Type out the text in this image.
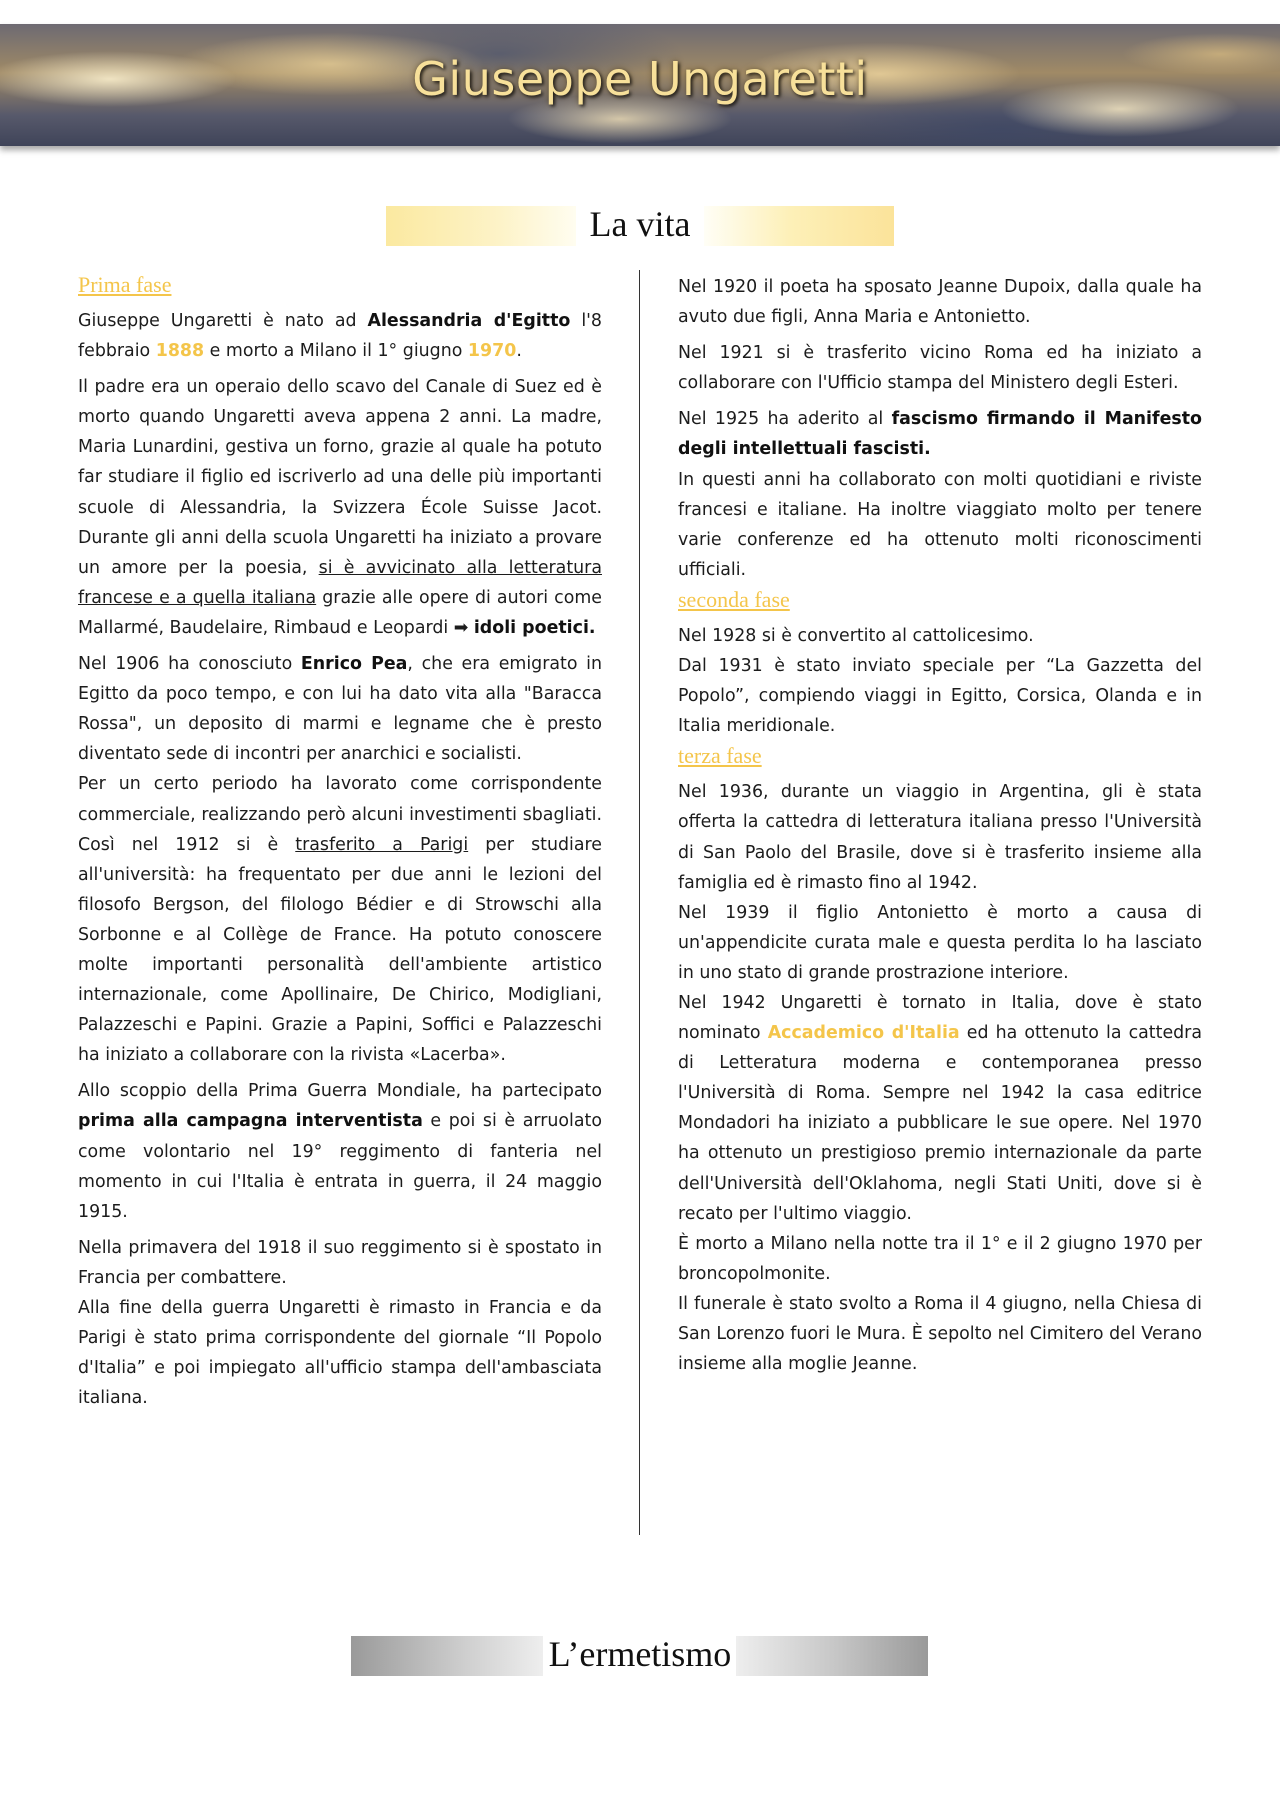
Giuseppe Ungaretti
La vita

Prima fase

Giuseppe Ungaretti è nato ad Alessandria d'Egitto l'8 febbraio 1888 e morto a Milano il 1° giugno 1970.

Il padre era un operaio dello scavo del Canale di Suez ed è morto quando Ungaretti aveva appena 2 anni. La madre, Maria Lunardini, gestiva un forno, grazie al quale ha potuto far studiare il figlio ed iscriverlo ad una delle più importanti scuole di Alessandria, la Svizzera École Suisse Jacot. Durante gli anni della scuola Ungaretti ha iniziato a provare un amore per la poesia, si è avvicinato alla letteratura francese e a quella italiana grazie alle opere di autori come Mallarmé, Baudelaire, Rimbaud e Leopardi ➡ idoli poetici.

Nel 1906 ha conosciuto Enrico Pea, che era emigrato in Egitto da poco tempo, e con lui ha dato vita alla "Baracca Rossa", un deposito di marmi e legname che è presto diventato sede di incontri per anarchici e socialisti.

Per un certo periodo ha lavorato come corrispondente commerciale, realizzando però alcuni investimenti sbagliati. Così nel 1912 si è trasferito a Parigi per studiare all'università: ha frequentato per due anni le lezioni del filosofo Bergson, del filologo Bédier e di Strowschi alla Sorbonne e al Collège de France. Ha potuto conoscere molte importanti personalità dell'ambiente artistico internazionale, come Apollinaire, De Chirico, Modigliani, Palazzeschi e Papini. Grazie a Papini, Soffici e Palazzeschi ha iniziato a collaborare con la rivista «Lacerba».

Allo scoppio della Prima Guerra Mondiale, ha partecipato prima alla campagna interventista e poi si è arruolato come volontario nel 19° reggimento di fanteria nel momento in cui l'Italia è entrata in guerra, il 24 maggio 1915.

Nella primavera del 1918 il suo reggimento si è spostato in Francia per combattere.

Alla fine della guerra Ungaretti è rimasto in Francia e da Parigi è stato prima corrispondente del giornale “Il Popolo d'Italia” e poi impiegato all'ufficio stampa dell'ambasciata italiana.

Nel 1920 il poeta ha sposato Jeanne Dupoix, dalla quale ha avuto due figli, Anna Maria e Antonietto.

Nel 1921 si è trasferito vicino Roma ed ha iniziato a collaborare con l'Ufficio stampa del Ministero degli Esteri.

Nel 1925 ha aderito al fascismo firmando il Manifesto degli intellettuali fascisti.

In questi anni ha collaborato con molti quotidiani e riviste francesi e italiane. Ha inoltre viaggiato molto per tenere varie conferenze ed ha ottenuto molti riconoscimenti ufficiali.

seconda fase

Nel 1928 si è convertito al cattolicesimo.

Dal 1931 è stato inviato speciale per “La Gazzetta del Popolo”, compiendo viaggi in Egitto, Corsica, Olanda e in Italia meridionale.

terza fase

Nel 1936, durante un viaggio in Argentina, gli è stata offerta la cattedra di letteratura italiana presso l'Università di San Paolo del Brasile, dove si è trasferito insieme alla famiglia ed è rimasto fino al 1942.

Nel 1939 il figlio Antonietto è morto a causa di un'appendicite curata male e questa perdita lo ha lasciato in uno stato di grande prostrazione interiore.

Nel 1942 Ungaretti è tornato in Italia, dove è stato nominato Accademico d'Italia ed ha ottenuto la cattedra di Letteratura moderna e contemporanea presso l'Università di Roma. Sempre nel 1942 la casa editrice Mondadori ha iniziato a pubblicare le sue opere. Nel 1970 ha ottenuto un prestigioso premio internazionale da parte dell'Università dell'Oklahoma, negli Stati Uniti, dove si è recato per l'ultimo viaggio.

È morto a Milano nella notte tra il 1° e il 2 giugno 1970 per broncopolmonite.

Il funerale è stato svolto a Roma il 4 giugno, nella Chiesa di San Lorenzo fuori le Mura. È sepolto nel Cimitero del Verano insieme alla moglie Jeanne.

L’ermetismo
